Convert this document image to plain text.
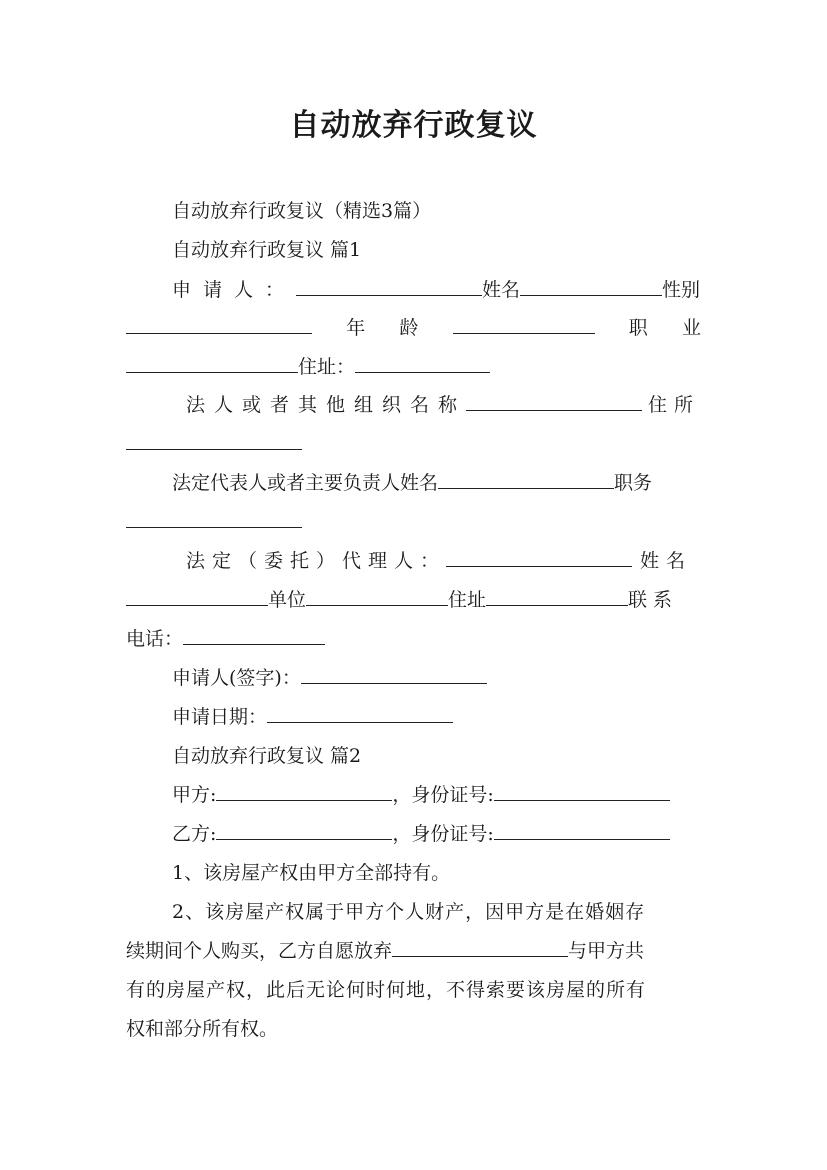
自动放弃行政复议
自动放弃行政复议（精选3篇）
自动放弃行政复议 篇1
申请人：	姓名	性别
年 龄	职 业
住址：
法人或者其他组织名称	住所
法定代表人或者主要负责人姓名	职务
法定（委托）代理人：	姓名
单位	住址	联系
电话：
申请人(签字)：
申请日期：
自动放弃行政复议 篇2
甲方:	，身份证号:
乙方:	，身份证号:
1、该房屋产权由甲方全部持有。
2、该房屋产权属于甲方个人财产，因甲方是在婚姻存
续期间个人购买，乙方自愿放弃	与甲方共
有的房屋产权，此后无论何时何地，不得索要该房屋的所有
权和部分所有权。
